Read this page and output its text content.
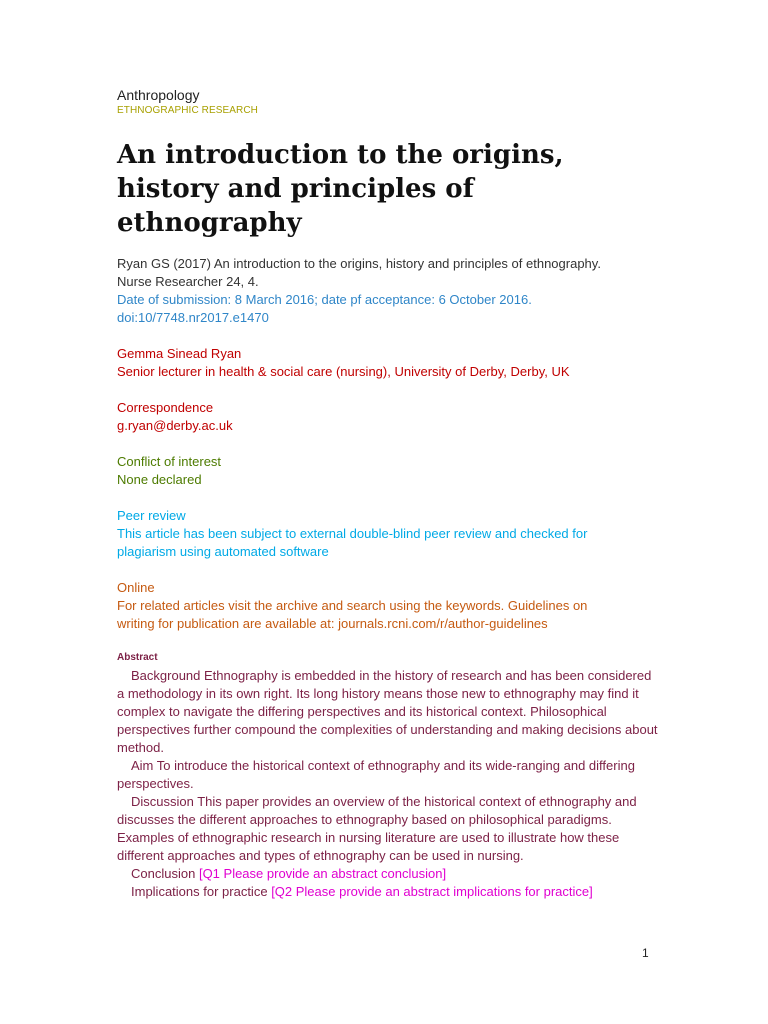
Anthropology
ETHNOGRAPHIC RESEARCH
An introduction to the origins,
history and principles of
ethnography
Ryan GS (2017) An introduction to the origins, history and principles of ethnography.
Nurse Researcher 24, 4.
Date of submission: 8 March 2016; date pf acceptance: 6 October 2016.
doi:10/7748.nr2017.e1470
Gemma Sinead Ryan
Senior lecturer in health & social care (nursing), University of Derby, Derby, UK
Correspondence
g.ryan@derby.ac.uk
Conflict of interest
None declared
Peer review
This article has been subject to external double-blind peer review and checked for
plagiarism using automated software
Online
For related articles visit the archive and search using the keywords. Guidelines on
writing for publication are available at: journals.rcni.com/r/author-guidelines
Abstract

Background Ethnography is embedded in the history of research and has been considered a methodology in its own right. Its long history means those new to ethnography may find it complex to navigate the differing perspectives and its historical context. Philosophical perspectives further compound the complexities of understanding and making decisions about method.

Aim To introduce the historical context of ethnography and its wide-ranging and differing perspectives.

Discussion This paper provides an overview of the historical context of ethnography and discusses the different approaches to ethnography based on philosophical paradigms. Examples of ethnographic research in nursing literature are used to illustrate how these different approaches and types of ethnography can be used in nursing.

Conclusion [Q1 Please provide an abstract conclusion]

Implications for practice [Q2 Please provide an abstract implications for practice]

1
